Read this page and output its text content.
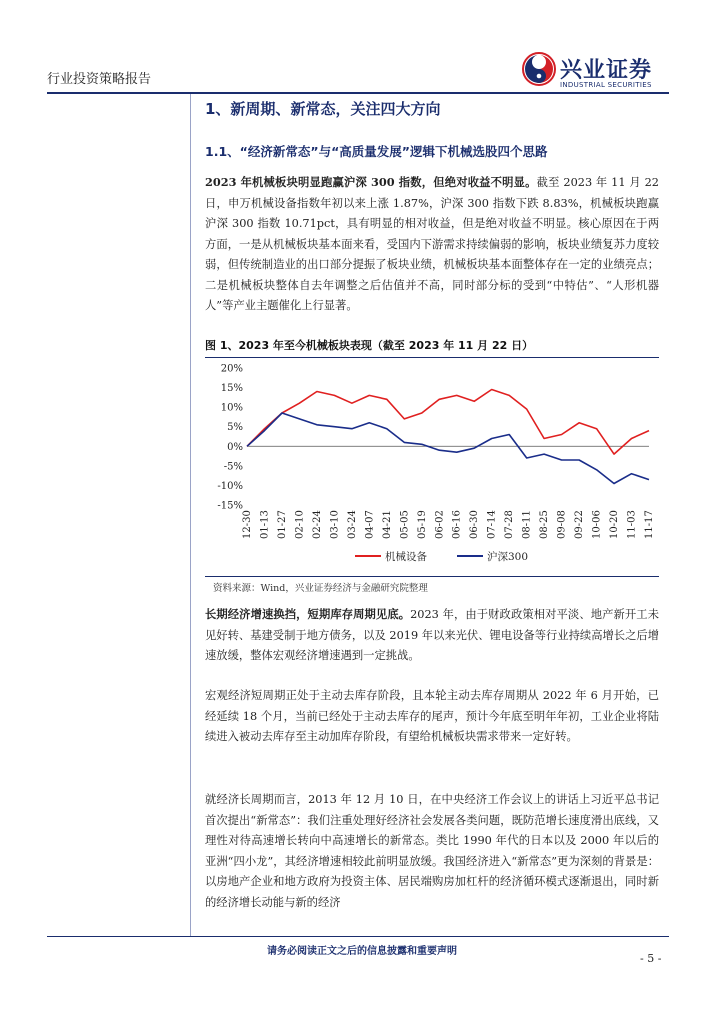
行业投资策略报告	兴业证券
INDUSTRIAL SECURITIES
1、新周期、新常态，关注四大方向
1.1、“经济新常态”与“高质量发展”逻辑下机械选股四个思路
2023 年机械板块明显跑赢沪深 300 指数，但绝对收益不明显。截至 2023 年 11 月 22 日，申万机械设备指数年初以来上涨 1.87%，沪深 300 指数下跌 8.83%，机械板块跑赢沪深 300 指数 10.71pct，具有明显的相对收益，但是绝对收益不明显。核心原因在于两方面，一是从机械板块基本面来看，受国内下游需求持续偏弱的影响，板块业绩复苏力度较弱，但传统制造业的出口部分提振了板块业绩，机械板块基本面整体存在一定的业绩亮点；二是机械板块整体自去年调整之后估值并不高，同时部分标的受到“中特估”、“人形机器人”等产业主题催化上行显著。
图 1、2023 年至今机械板块表现（截至 2023 年 11 月 22 日）
20%
15%
10%
5%
0%
-5%
-10%
-15%
12-30 01-13 01-27 02-10 02-24 03-10 03-24 04-07 04-21 05-05 05-19 06-02 06-16 06-30 07-14 07-28 08-11 08-25 09-08 09-22 10-06 10-20 11-03 11-17
机械设备	沪深300
资料来源：Wind，兴业证券经济与金融研究院整理
长期经济增速换挡，短期库存周期见底。2023 年，由于财政政策相对平淡、地产新开工未见好转、基建受制于地方债务，以及 2019 年以来光伏、锂电设备等行业持续高增长之后增速放缓，整体宏观经济增速遇到一定挑战。
宏观经济短周期正处于主动去库存阶段，且本轮主动去库存周期从 2022 年 6 月开始，已经延续 18 个月，当前已经处于主动去库存的尾声，预计今年底至明年年初，工业企业将陆续进入被动去库存至主动加库存阶段，有望给机械板块需求带来一定好转。
就经济长周期而言，2013 年 12 月 10 日，在中央经济工作会议上的讲话上习近平总书记首次提出“新常态”：我们注重处理好经济社会发展各类问题，既防范增长速度滑出底线，又理性对待高速增长转向中高速增长的新常态。类比 1990 年代的日本以及 2000 年以后的亚洲“四小龙”，其经济增速相较此前明显放缓。我国经济进入“新常态”更为深刻的背景是：以房地产企业和地方政府为投资主体、居民端购房加杠杆的经济循环模式逐渐退出，同时新的经济增长动能与新的经济
请务必阅读正文之后的信息披露和重要声明
- 5 -
